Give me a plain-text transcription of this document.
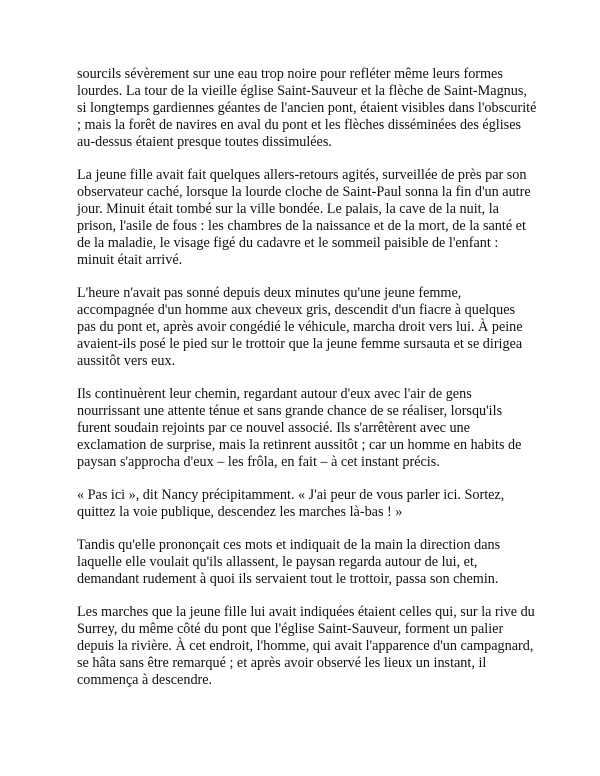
sourcils sévèrement sur une eau trop noire pour refléter même leurs formes lourdes. La tour de la vieille église Saint-Sauveur et la flèche de Saint-Magnus, si longtemps gardiennes géantes de l'ancien pont, étaient visibles dans l'obscurité ; mais la forêt de navires en aval du pont et les flèches disséminées des églises au-dessus étaient presque toutes dissimulées.

La jeune fille avait fait quelques allers-retours agités, surveillée de près par son observateur caché, lorsque la lourde cloche de Saint-Paul sonna la fin d'un autre jour. Minuit était tombé sur la ville bondée. Le palais, la cave de la nuit, la prison, l'asile de fous : les chambres de la naissance et de la mort, de la santé et de la maladie, le visage figé du cadavre et le sommeil paisible de l'enfant : minuit était arrivé.

L'heure n'avait pas sonné depuis deux minutes qu'une jeune femme, accompagnée d'un homme aux cheveux gris, descendit d'un fiacre à quelques pas du pont et, après avoir congédié le véhicule, marcha droit vers lui. À peine avaient-ils posé le pied sur le trottoir que la jeune femme sursauta et se dirigea aussitôt vers eux.

Ils continuèrent leur chemin, regardant autour d'eux avec l'air de gens nourrissant une attente ténue et sans grande chance de se réaliser, lorsqu'ils furent soudain rejoints par ce nouvel associé. Ils s'arrêtèrent avec une exclamation de surprise, mais la retinrent aussitôt ; car un homme en habits de paysan s'approcha d'eux – les frôla, en fait – à cet instant précis.

« Pas ici », dit Nancy précipitamment. « J'ai peur de vous parler ici. Sortez, quittez la voie publique, descendez les marches là-bas ! »

Tandis qu'elle prononçait ces mots et indiquait de la main la direction dans laquelle elle voulait qu'ils allassent, le paysan regarda autour de lui, et, demandant rudement à quoi ils servaient tout le trottoir, passa son chemin.

Les marches que la jeune fille lui avait indiquées étaient celles qui, sur la rive du Surrey, du même côté du pont que l'église Saint-Sauveur, forment un palier depuis la rivière. À cet endroit, l'homme, qui avait l'apparence d'un campagnard, se hâta sans être remarqué ; et après avoir observé les lieux un instant, il commença à descendre.
